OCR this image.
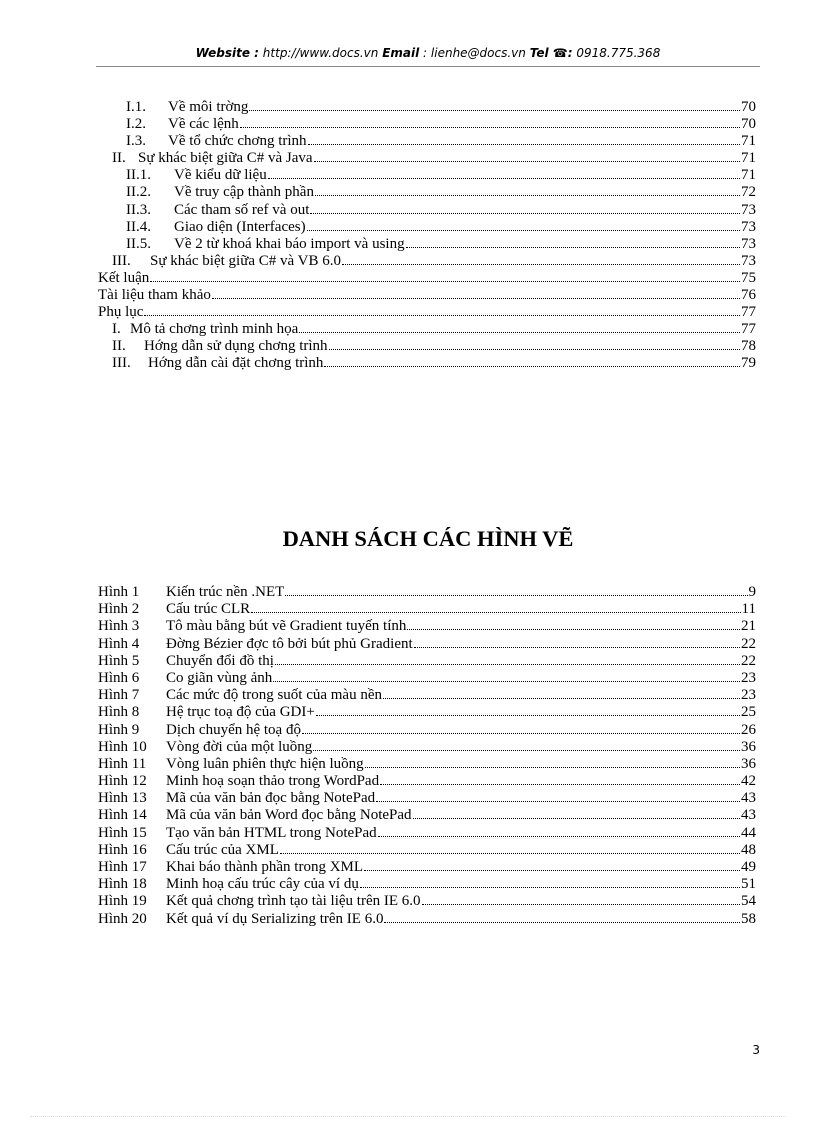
Website : http://www.docs.vn Email : lienhe@docs.vn Tel ☎: 0918.775.368
I.1. Về môi trờng	70
I.2. Về các lệnh	70
I.3. Về tổ chức chơng trình	71
II. Sự khác biệt giữa C# và Java	71
II.1. Về kiểu dữ liệu	71
II.2. Về truy cập thành phần	72
II.3. Các tham số ref và out	73
II.4. Giao diện (Interfaces)	73
II.5. Về 2 từ khoá khai báo import và using	73
III. Sự khác biệt giữa C# và VB 6.0	73
Kết luận	75
Tài liệu tham khảo	76
Phụ lục	77
I. Mô tả chơng trình minh họa	77
II. Hớng dẫn sử dụng chơng trình	78
III. Hớng dẫn cài đặt chơng trình	79
DANH SÁCH CÁC HÌNH VẼ
Hình 1 Kiến trúc nền .NET	9
Hình 2 Cấu trúc CLR	11
Hình 3 Tô màu bằng bút vẽ Gradient tuyến tính	21
Hình 4 Đờng Bézier đợc tô bởi bút phủ Gradient	22
Hình 5 Chuyển đổi đồ thị	22
Hình 6 Co giãn vùng ảnh	23
Hình 7 Các mức độ trong suốt của màu nền	23
Hình 8 Hệ trục toạ độ của GDI+	25
Hình 9 Dịch chuyển hệ toạ độ	26
Hình 10 Vòng đời của một luồng	36
Hình 11 Vòng luân phiên thực hiện luồng	36
Hình 12 Minh hoạ soạn thảo trong WordPad	42
Hình 13 Mã của văn bản đọc bằng NotePad	43
Hình 14 Mã của văn bản Word đọc bằng NotePad	43
Hình 15 Tạo văn bản HTML trong NotePad	44
Hình 16 Cấu trúc của XML	48
Hình 17 Khai báo thành phần trong XML	49
Hình 18 Minh hoạ cấu trúc cây của ví dụ	51
Hình 19 Kết quả chơng trình tạo tài liệu trên IE 6.0	54
Hình 20 Kết quả ví dụ Serializing trên IE 6.0	58
3
